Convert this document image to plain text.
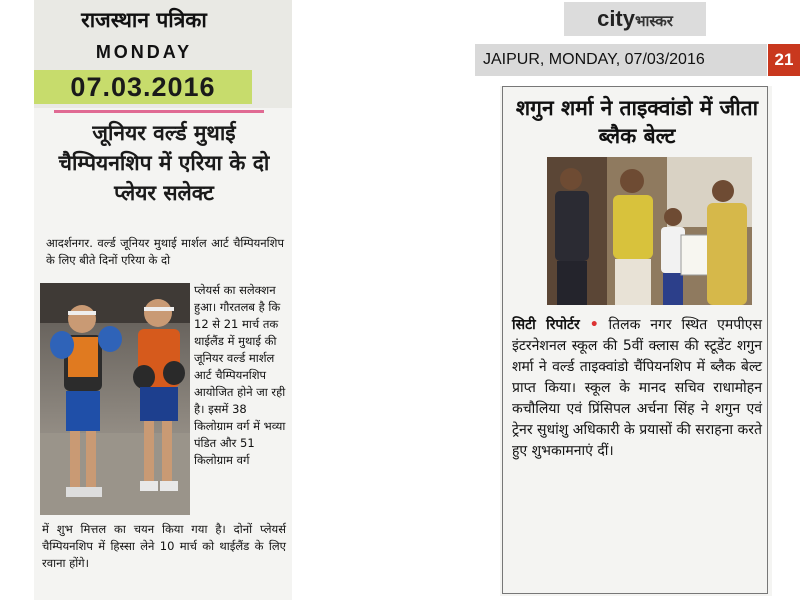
राजस्थान पत्रिका
MONDAY
07.03.2016
जूनियर वर्ल्ड मुथाई चैम्पियनशिप में एरिया के दो प्लेयर सलेक्ट
आदर्शनगर. वर्ल्ड जूनियर मुथाई मार्शल आर्ट चैम्पियनशिप के लिए बीते दिनों एरिया के दो
प्लेयर्स का सलेक्शन हुआ। गौरतलब है कि 12 से 21 मार्च तक थाईलैंड में मुथाई की जूनियर वर्ल्ड मार्शल आर्ट चैम्पियनशिप आयोजित होने जा रही है। इसमें 38 किलोग्राम वर्ग में भव्या पंडित और 51 किलोग्राम वर्ग
में शुभ मित्तल का चयन किया गया है। दोनों प्लेयर्स चैम्पियनशिप में हिस्सा लेने 10 मार्च को थाईलैंड के लिए रवाना होंगे।
cityभास्कर
JAIPUR, MONDAY, 07/03/2016	21
शगुन शर्मा ने ताइक्वांडो में जीता ब्लैक बेल्ट
सिटी रिपोर्टर • तिलक नगर स्थित एमपीएस इंटरनेशनल स्कूल की 5वीं क्लास की स्टूडेंट शगुन शर्मा ने वर्ल्ड ताइक्वांडो चैंपियनशिप में ब्लैक बेल्ट प्राप्त किया। स्कूल के मानद सचिव राधामोहन कचौलिया एवं प्रिंसिपल अर्चना सिंह ने शगुन एवं ट्रेनर सुधांशु अधिकारी के प्रयासों की सराहना करते हुए शुभकामनाएं दीं।
